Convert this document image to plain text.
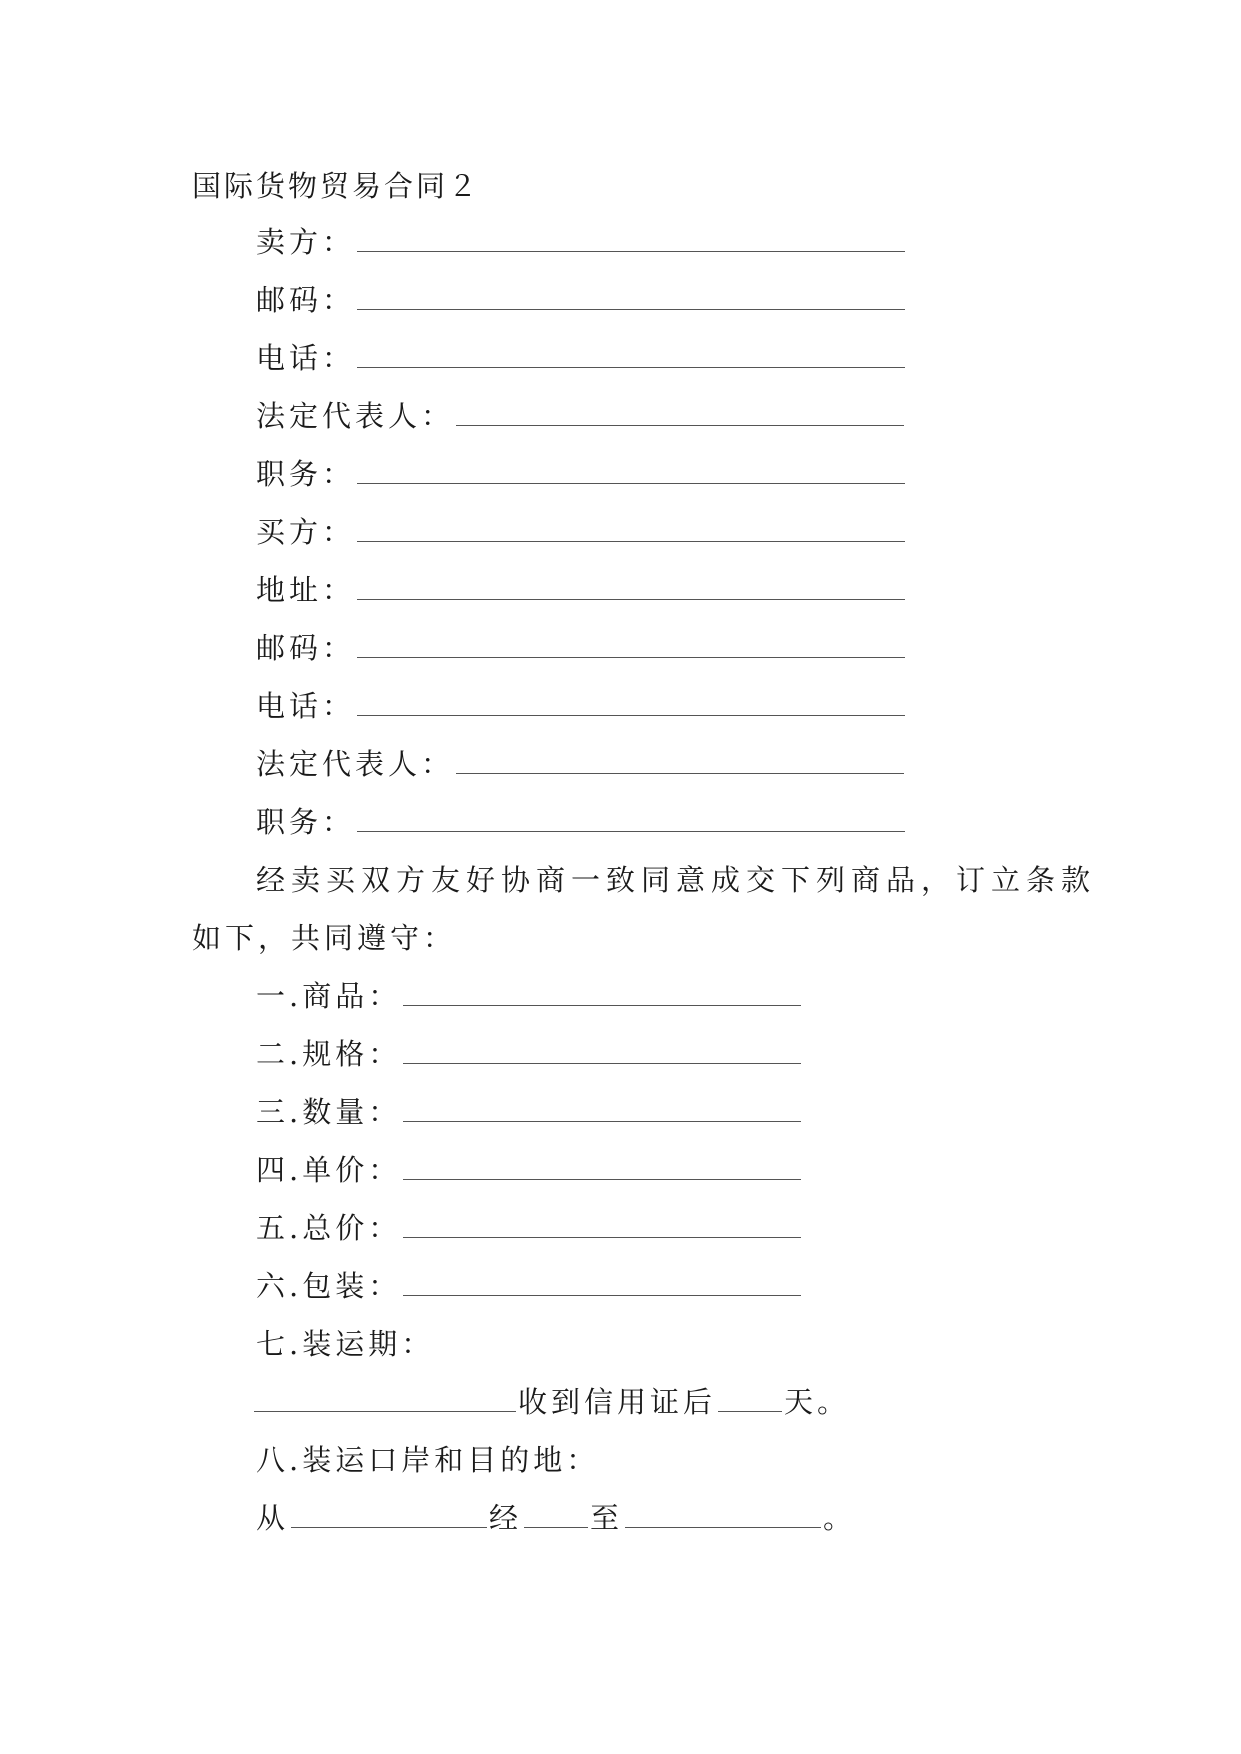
国际货物贸易合同２
卖方：
邮码：
电话：
法定代表人：
职务：
买方：
地址：
邮码：
电话：
法定代表人：
职务：
经卖买双方友好协商一致同意成交下列商品，订立条款
如下，共同遵守：
一.商品：
二.规格：
三.数量：
四.单价：
五.总价：
六.包装：
七.装运期：
收到信用证后 天。
八.装运口岸和目的地：
从	经 至	。
